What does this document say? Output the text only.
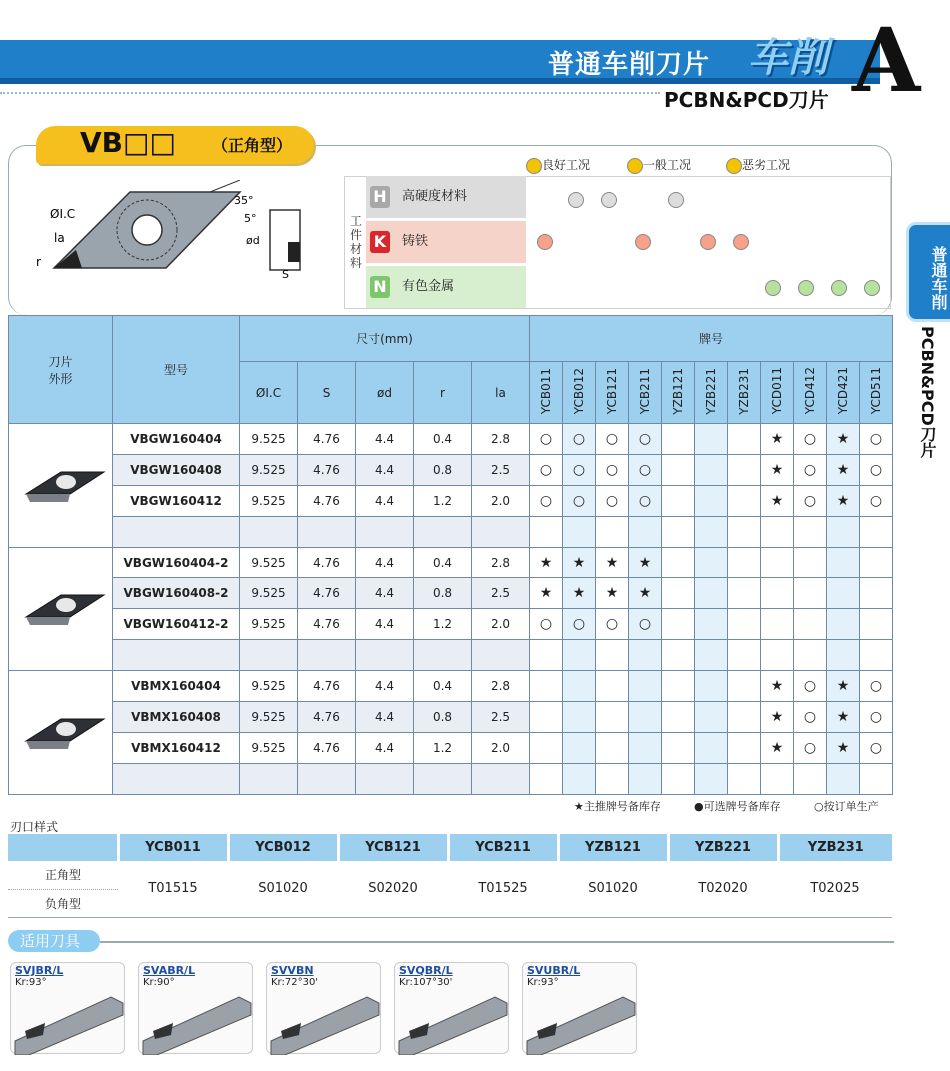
普通车削刀片 车削 A
PCBN&PCD刀片
普通车削
PCBN&PCD刀片
VB□□ （正角型）
良好工况	一般工况	恶劣工况
ØI.C
la
r
35°
5°
ød
S
工件材料
H 高硬度材料
K 铸铁
N 有色金属
刀片
外形	型号	尺寸(mm)					牌号										
		ØI.C	S	ød	r	la	YCB011	YCB012	YCB121	YCB211	YZB121	YZB221	YZB231	YCD011	YCD412	YCD421	YCD511
	VBGW160404	9.525	4.76	4.4	0.4	2.8	○	○	○	○				★	○	★	○
	VBGW160408	9.525	4.76	4.4	0.8	2.5	○	○	○	○				★	○	★	○
	VBGW160412	9.525	4.76	4.4	1.2	2.0	○	○	○	○				★	○	★	○

	VBGW160404-2	9.525	4.76	4.4	0.4	2.8	★	★	★	★							
	VBGW160408-2	9.525	4.76	4.4	0.8	2.5	★	★	★	★							
	VBGW160412-2	9.525	4.76	4.4	1.2	2.0	○	○	○	○							

	VBMX160404	9.525	4.76	4.4	0.4	2.8								★	○	★	○
	VBMX160408	9.525	4.76	4.4	0.8	2.5								★	○	★	○
	VBMX160412	9.525	4.76	4.4	1.2	2.0								★	○	★	○

★主推牌号备库存	●可选牌号备库存	○按订单生产
刃口样式
	YCB011	YCB012	YCB121	YCB211	YZB121	YZB221	YZB231
正角型	T01515	S01020	S02020	T01525	S01020	T02020	T02025
负角型							
适用刀具
SVJBR/L
Kr:93°
SVABR/L
Kr:90°
SVVBN
Kr:72°30'
SVQBR/L
Kr:107°30'
SVUBR/L
Kr:93°
